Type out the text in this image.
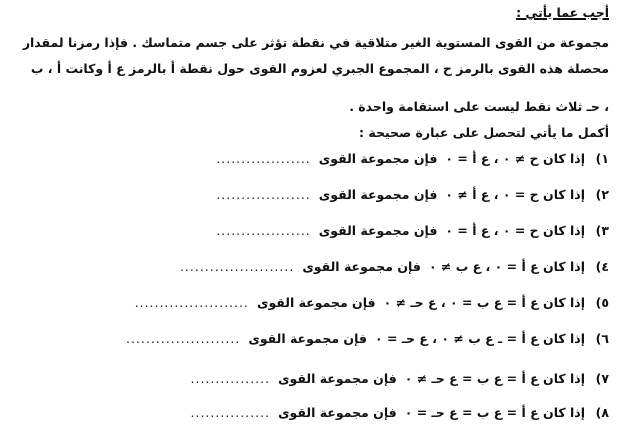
أجب عما يأتي :
مجموعة من القوى المستوية الغير متلاقية في نقطة تؤثر على جسم متماسك . فإذا رمزنا لمقدار
محصلة هذه القوى بالرمز ح ، المجموع الجبري لعزوم القوى حول نقطة أ بالرمز ع أ وكانت أ ، ب
، حـ ثلاث نقط ليست على استقامة واحدة .
أكمل ما يأتي لتحصل على عبارة صحيحة :
١)
إذا كان ح ≠ ٠ ، ع أ = ٠
فإن مجموعة القوى
...................
٢)
إذا كان ح = ٠ ، ع أ ≠ ٠
فإن مجموعة القوى
...................
٣)
إذا كان ح = ٠ ، ع أ = ٠
فإن مجموعة القوى
...................
٤)
إذا كان ع أ = ٠ ، ع ب ≠ ٠
فإن مجموعة القوى
.......................
٥)
إذا كان ع أ = ع ب = ٠ ، ع حـ ≠ ٠
فإن مجموعة القوى
.......................
٦)
إذا كان ع أ = ـ ع ب ≠ ٠ ، ع حـ = ٠
فإن مجموعة القوى
.......................
٧)
إذا كان ع أ = ع ب = ع حـ ≠ ٠
فإن مجموعة القوى
................
٨)
إذا كان ع أ = ع ب = ع حـ = ٠
فإن مجموعة القوى
................
